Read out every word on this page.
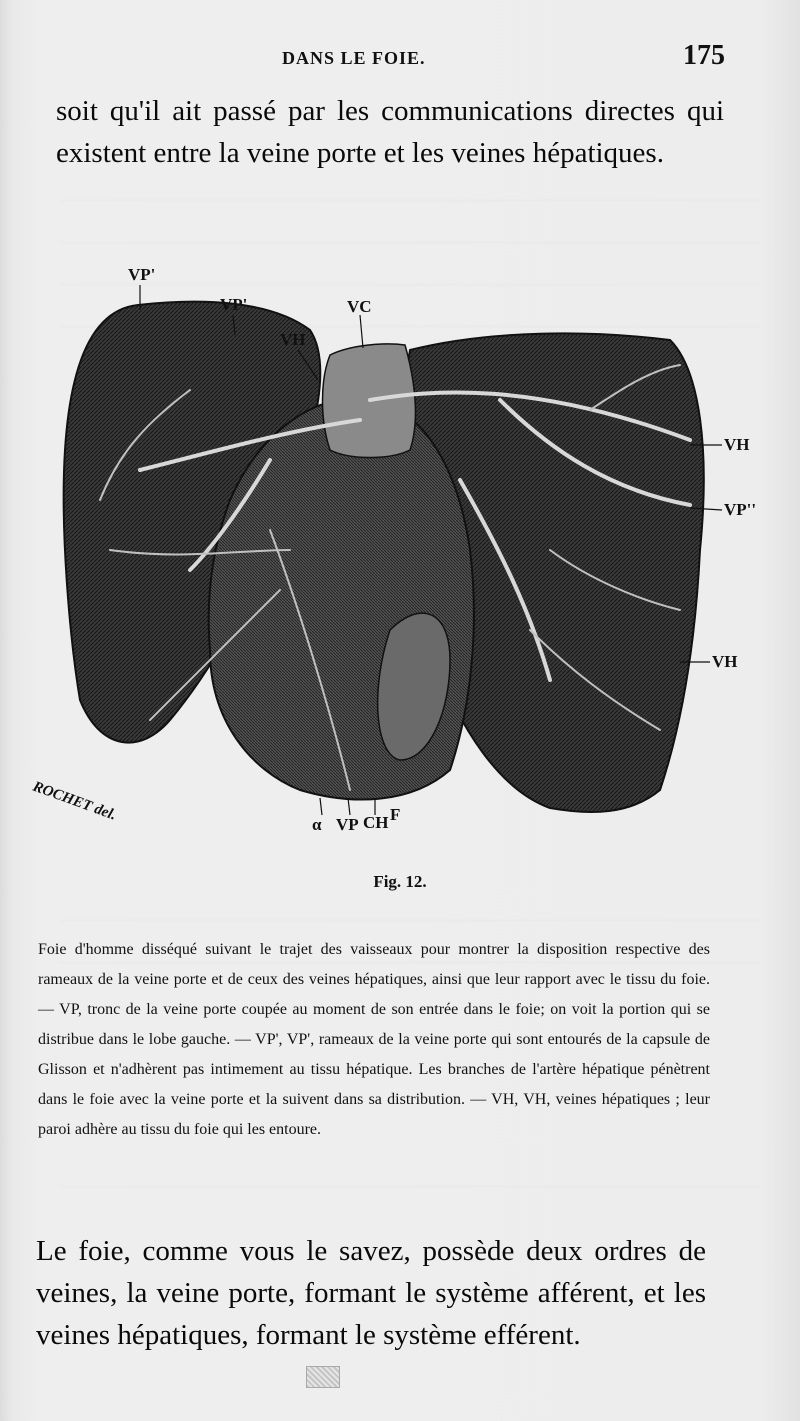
DANS LE FOIE.	175
soit qu'il ait passé par les communications directes qui existent entre la veine porte et les veines hépatiques.
VP'
VP'	VC
VH
VH
VP''
VH
α VP CH F
ROCHET del.
Fig. 12.
Foie d'homme disséqué suivant le trajet des vaisseaux pour montrer la disposition respective des rameaux de la veine porte et de ceux des veines hépatiques, ainsi que leur rapport avec le tissu du foie. — VP, tronc de la veine porte coupée au moment de son entrée dans le foie; on voit la portion qui se distribue dans le lobe gauche. — VP', VP', rameaux de la veine porte qui sont entourés de la capsule de Glisson et n'adhèrent pas intimement au tissu hépatique. Les branches de l'artère hépatique pénètrent dans le foie avec la veine porte et la suivent dans sa distribution. — VH, VH, veines hépatiques ; leur paroi adhère au tissu du foie qui les entoure.
Le foie, comme vous le savez, possède deux ordres de veines, la veine porte, formant le système afférent, et les veines hépatiques, formant le système efférent.
